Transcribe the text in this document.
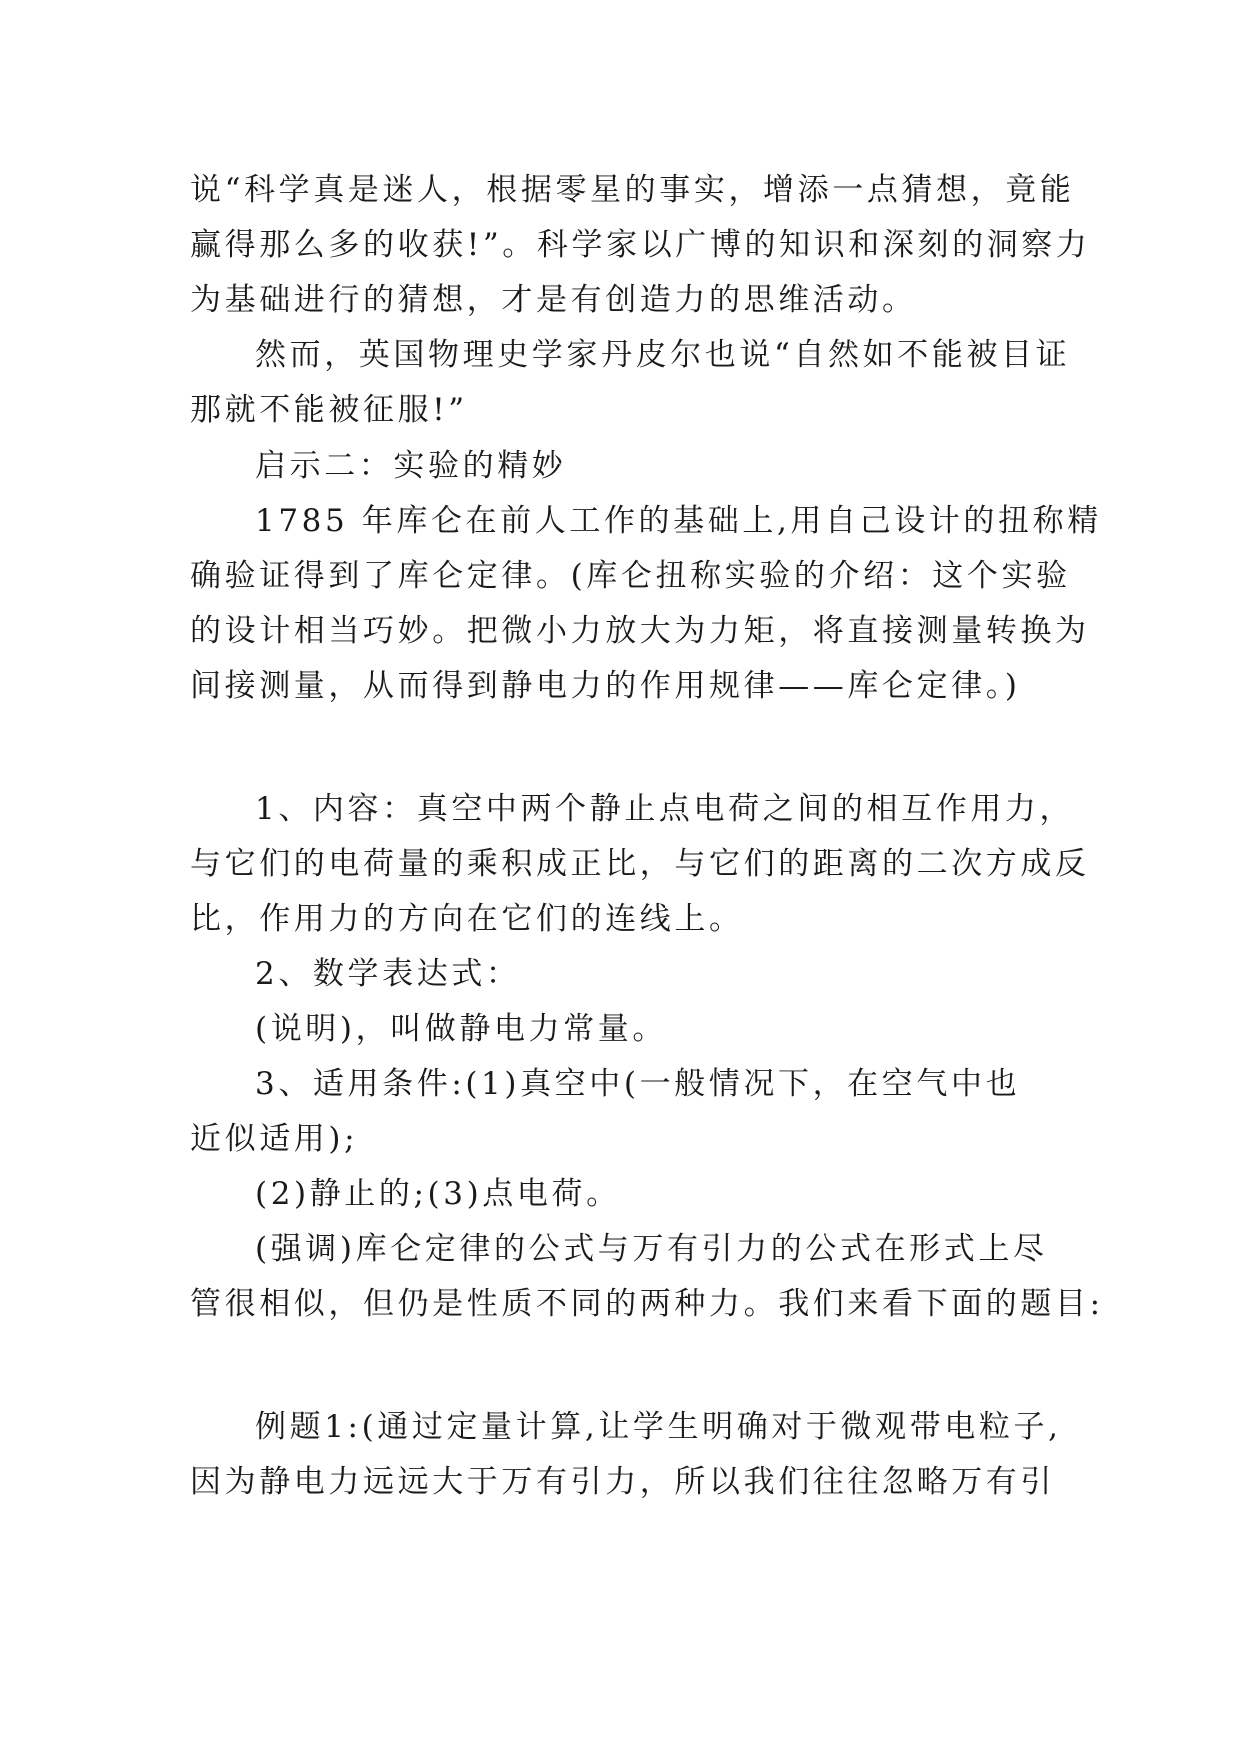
说“科学真是迷人，根据零星的事实，增添一点猜想，竟能
赢得那么多的收获!”。科学家以广博的知识和深刻的洞察力
为基础进行的猜想，才是有创造力的思维活动。
然而，英国物理史学家丹皮尔也说“自然如不能被目证
那就不能被征服!”
启示二：实验的精妙
1785 年库仑在前人工作的基础上,用自己设计的扭称精
确验证得到了库仑定律。(库仑扭称实验的介绍：这个实验
的设计相当巧妙。把微小力放大为力矩，将直接测量转换为
间接测量，从而得到静电力的作用规律——库仑定律。)
1、内容：真空中两个静止点电荷之间的相互作用力，
与它们的电荷量的乘积成正比，与它们的距离的二次方成反
比，作用力的方向在它们的连线上。
2、数学表达式：
(说明)，叫做静电力常量。
3、适用条件:(1)真空中(一般情况下，在空气中也
近似适用);
(2)静止的;(3)点电荷。
(强调)库仑定律的公式与万有引力的公式在形式上尽
管很相似，但仍是性质不同的两种力。我们来看下面的题目:
例题1:(通过定量计算,让学生明确对于微观带电粒子,
因为静电力远远大于万有引力，所以我们往往忽略万有引
